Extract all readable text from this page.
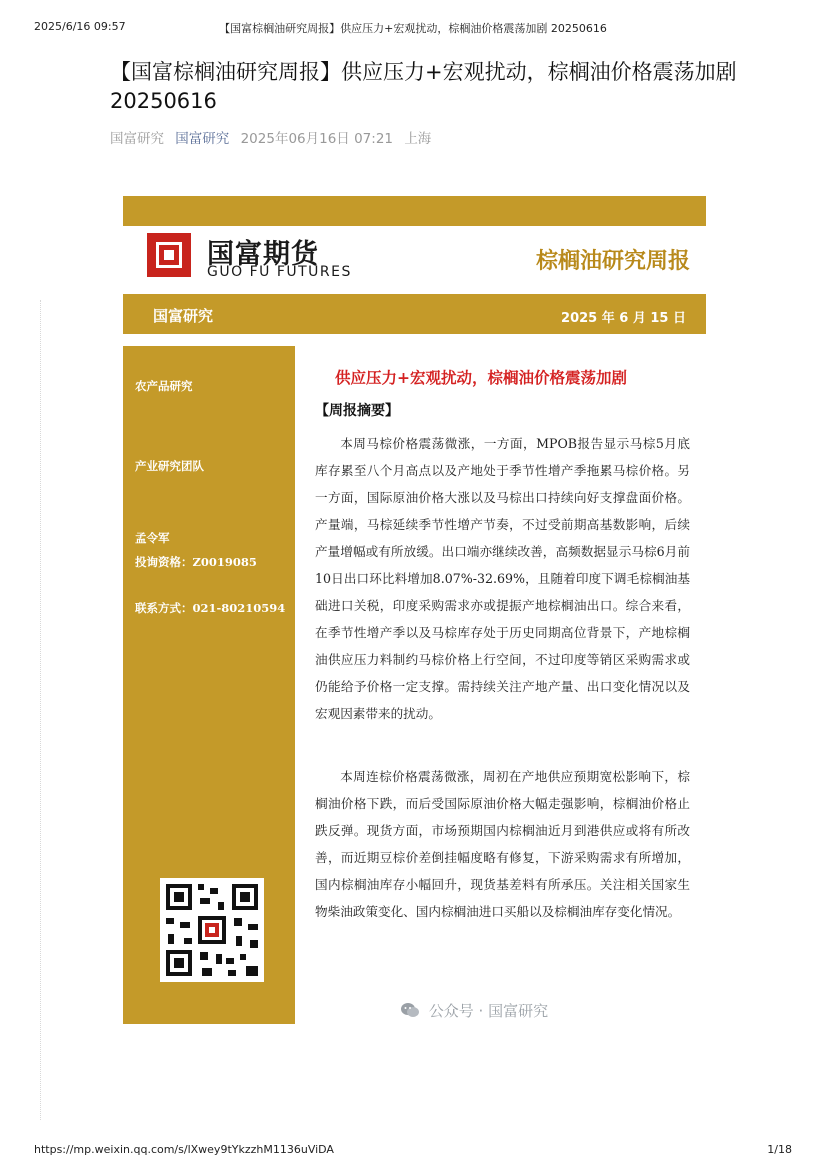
2025/6/16 09:57	【国富棕榈油研究周报】供应压力+宏观扰动，棕榈油价格震荡加剧 20250616
【国富棕榈油研究周报】供应压力+宏观扰动，棕榈油价格震荡加剧 20250616
国富研究 国富研究 2025年06月16日 07:21 上海
国富期货
GUO FU FUTURES	棕榈油研究周报
国富研究	2025 年 6 月 15 日
农产品研究
产业研究团队
孟令军
投询资格：Z0019085
联系方式：021-80210594
供应压力+宏观扰动，棕榈油价格震荡加剧
【周报摘要】
本周马棕价格震荡微涨，一方面，MPOB报告显示马棕5月底库存累至八个月高点以及产地处于季节性增产季拖累马棕价格。另一方面，国际原油价格大涨以及马棕出口持续向好支撑盘面价格。产量端，马棕延续季节性增产节奏，不过受前期高基数影响，后续产量增幅或有所放缓。出口端亦继续改善，高频数据显示马棕6月前10日出口环比料增加8.07%-32.69%，且随着印度下调毛棕榈油基础进口关税，印度采购需求亦或提振产地棕榈油出口。综合来看，在季节性增产季以及马棕库存处于历史同期高位背景下，产地棕榈油供应压力料制约马棕价格上行空间，不过印度等销区采购需求或仍能给予价格一定支撑。需持续关注产地产量、出口变化情况以及宏观因素带来的扰动。
本周连棕价格震荡微涨，周初在产地供应预期宽松影响下，棕榈油价格下跌，而后受国际原油价格大幅走强影响，棕榈油价格止跌反弹。现货方面，市场预期国内棕榈油近月到港供应或将有所改善，而近期豆棕价差倒挂幅度略有修复，下游采购需求有所增加，国内棕榈油库存小幅回升，现货基差料有所承压。关注相关国家生物柴油政策变化、国内棕榈油进口买船以及棕榈油库存变化情况。
公众号 · 国富研究
https://mp.weixin.qq.com/s/lXwey9tYkzzhM1136uViDA	1/18
